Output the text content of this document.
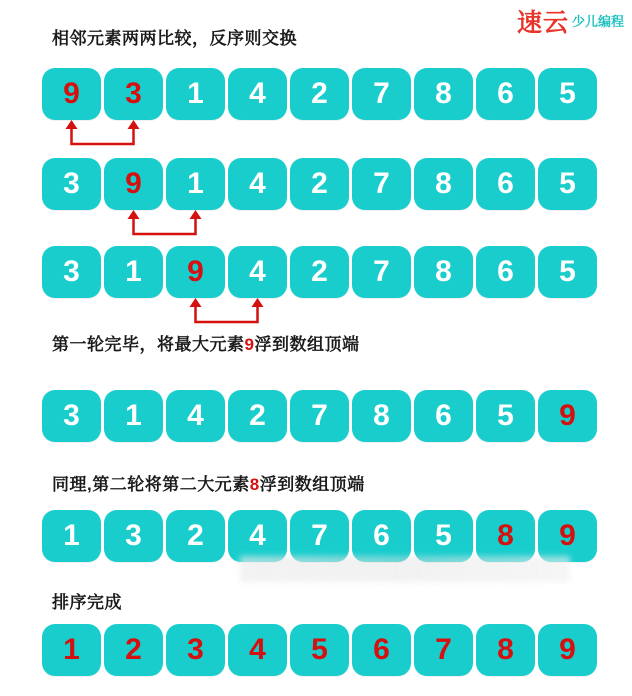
速云 少儿编程
相邻元素两两比较，反序则交换
9	3	1	4	2	7	8	6	5
3	9	1	4	2	7	8	6	5
3	1	9	4	2	7	8	6	5
第一轮完毕，将最大元素9浮到数组顶端
3	1	4	2	7	8	6	5	9
同理,第二轮将第二大元素8浮到数组顶端
1	3	2	4	7	6	5	8	9
排序完成
1	2	3	4	5	6	7	8	9
